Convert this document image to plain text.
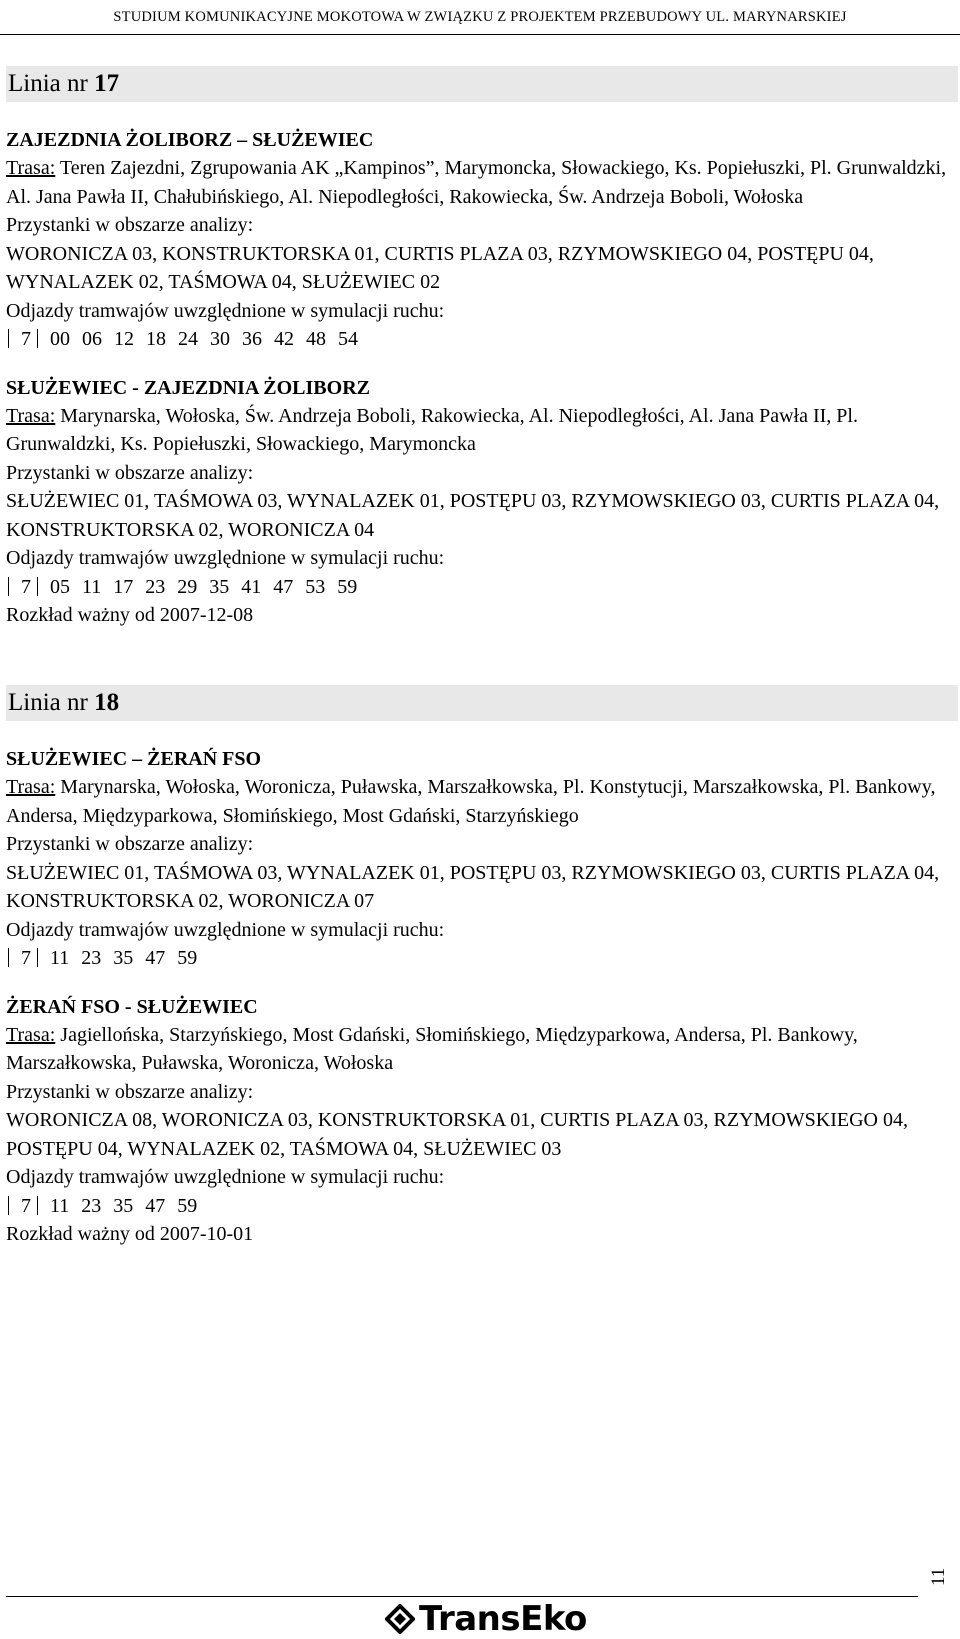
STUDIUM KOMUNIKACYJNE MOKOTOWA W ZWIĄZKU Z PROJEKTEM PRZEBUDOWY UL. MARYNARSKIEJ
Linia nr 17
ZAJEZDNIA ŻOLIBORZ – SŁUŻEWIEC
Trasa: Teren Zajezdni, Zgrupowania AK „Kampinos”, Marymoncka, Słowackiego, Ks. Popiełuszki, Pl. Grunwaldzki, Al. Jana Pawła II, Chałubińskiego, Al. Niepodległości, Rakowiecka, Św. Andrzeja Boboli, Wołoska
Przystanki w obszarze analizy:
WORONICZA 03, KONSTRUKTORSKA 01, CURTIS PLAZA 03, RZYMOWSKIEGO 04, POSTĘPU 04, WYNALAZEK 02, TAŚMOWA 04, SŁUŻEWIEC 02
Odjazdy tramwajów uwzględnione w symulacji ruchu:
7 00 06 12 18 24 30 36 42 48 54
SŁUŻEWIEC - ZAJEZDNIA ŻOLIBORZ
Trasa: Marynarska, Wołoska, Św. Andrzeja Boboli, Rakowiecka, Al. Niepodległości, Al. Jana Pawła II, Pl. Grunwaldzki, Ks. Popiełuszki, Słowackiego, Marymoncka
Przystanki w obszarze analizy:
SŁUŻEWIEC 01, TAŚMOWA 03, WYNALAZEK 01, POSTĘPU 03, RZYMOWSKIEGO 03, CURTIS PLAZA 04, KONSTRUKTORSKA 02, WORONICZA 04
Odjazdy tramwajów uwzględnione w symulacji ruchu:
7 05 11 17 23 29 35 41 47 53 59
Rozkład ważny od 2007-12-08
Linia nr 18
SŁUŻEWIEC – ŻERAŃ FSO
Trasa: Marynarska, Wołoska, Woronicza, Puławska, Marszałkowska, Pl. Konstytucji, Marszałkowska, Pl. Bankowy, Andersa, Międzyparkowa, Słomińskiego, Most Gdański, Starzyńskiego
Przystanki w obszarze analizy:
SŁUŻEWIEC 01, TAŚMOWA 03, WYNALAZEK 01, POSTĘPU 03, RZYMOWSKIEGO 03, CURTIS PLAZA 04, KONSTRUKTORSKA 02, WORONICZA 07
Odjazdy tramwajów uwzględnione w symulacji ruchu:
7 11 23 35 47 59
ŻERAŃ FSO - SŁUŻEWIEC
Trasa: Jagiellońska, Starzyńskiego, Most Gdański, Słomińskiego, Międzyparkowa, Andersa, Pl. Bankowy, Marszałkowska, Puławska, Woronicza, Wołoska
Przystanki w obszarze analizy:
WORONICZA 08, WORONICZA 03, KONSTRUKTORSKA 01, CURTIS PLAZA 03, RZYMOWSKIEGO 04, POSTĘPU 04, WYNALAZEK 02, TAŚMOWA 04, SŁUŻEWIEC 03
Odjazdy tramwajów uwzględnione w symulacji ruchu:
7 11 23 35 47 59
Rozkład ważny od 2007-10-01
TransEko
11
